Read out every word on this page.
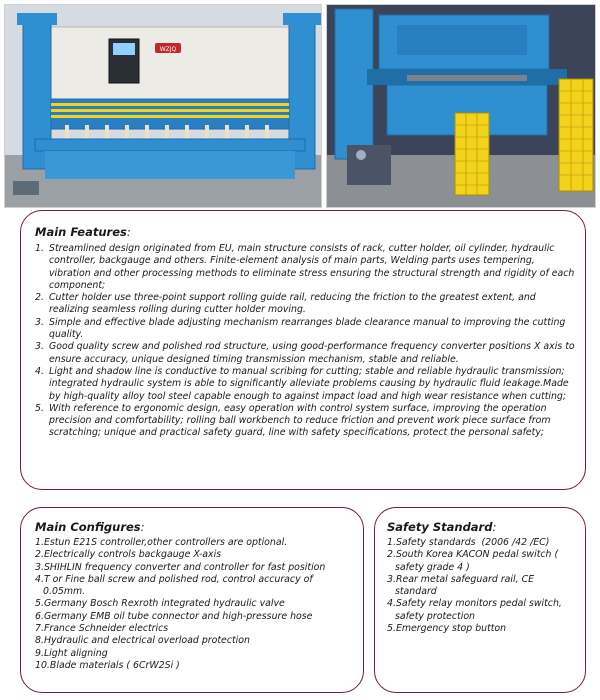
WZJQ
Main Features:
1. Streamlined design originated from EU, main structure consists of rack, cutter holder, oil cylinder, hydraulic controller, backgauge and others. Finite-element analysis of main parts, Welding parts uses tempering, vibration and other processing methods to eliminate stress ensuring the structural strength and rigidity of each component;
2. Cutter holder use three-point support rolling guide rail, reducing the friction to the greatest extent, and realizing seamless rolling during cutter holder moving.
3. Simple and effective blade adjusting mechanism rearranges blade clearance manual to improving the cutting quality.
3. Good quality screw and polished rod structure, using good-performance frequency converter positions X axis to ensure accuracy, unique designed timing transmission mechanism, stable and reliable.
4. Light and shadow line is conductive to manual scribing for cutting; stable and reliable hydraulic transmission; integrated hydraulic system is able to significantly alleviate problems causing by hydraulic fluid leakage.Made by high-quality alloy tool steel capable enough to against impact load and high wear resistance when cutting;
5. With reference to ergonomic design, easy operation with control system surface, improving the operation precision and comfortability; rolling ball workbench to reduce friction and prevent work piece surface from scratching; unique and practical safety guard, line with safety specifications, protect the personal safety;
Main Configures:
1.Estun E21S controller,other controllers are optional.
2.Electrically controls backgauge X-axis
3.SHIHLIN frequency converter and controller for fast position
4.T or Fine ball screw and polished rod, control accuracy of 0.05mm.
5.Germany Bosch Rexroth integrated hydraulic valve
6.Germany EMB oil tube connector and high-pressure hose
7.France Schneider electrics
8.Hydraulic and electrical overload protection
9.Light aligning
10.Blade materials ( 6CrW2Si )
Safety Standard:
1.Safety standards  (2006 /42 /EC)
2.South Korea KACON pedal switch ( safety grade 4 )
3.Rear metal safeguard rail, CE standard
4.Safety relay monitors pedal switch, safety protection
5.Emergency stop button
